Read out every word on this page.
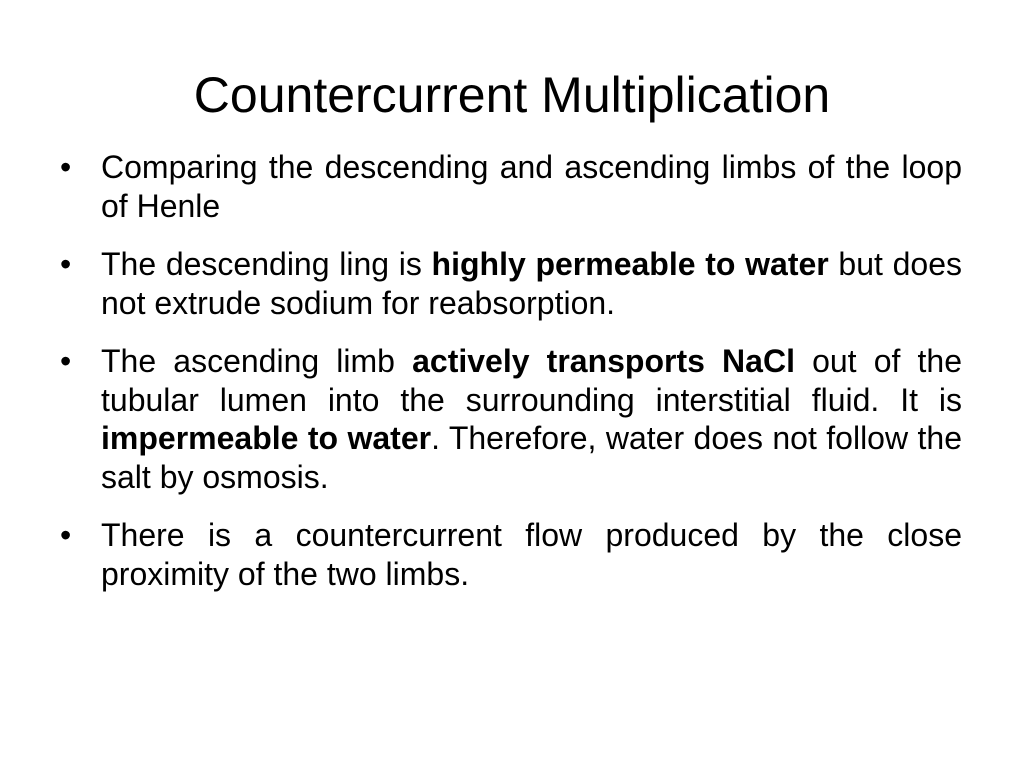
Countercurrent Multiplication
• Comparing the descending and ascending limbs of the loop of Henle
• The descending ling is highly permeable to water but does not extrude sodium for reabsorption.
• The ascending limb actively transports NaCl out of the tubular lumen into the surrounding interstitial fluid. It is impermeable to water. Therefore, water does not follow the salt by osmosis.
• There is a countercurrent flow produced by the close proximity of the two limbs.
